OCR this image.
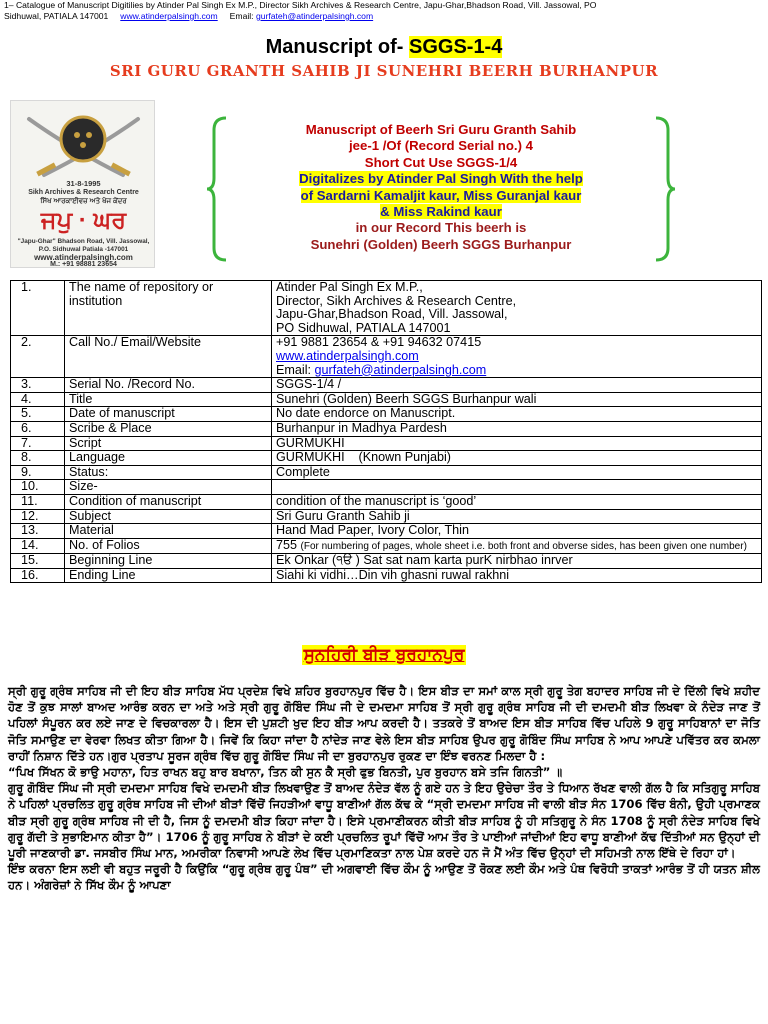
1– Catalogue of Manuscript Digitilies by Atinder Pal Singh Ex M.P., Director Sikh Archives & Research Centre, Japu-Ghar,Bhadson Road, Vill. Jassowal, PO
Sidhuwal, PATIALA 147001 www.atinderpalsingh.com Email: gurfateh@atinderpalsingh.com
Manuscript of- SGGS-1-4
SRI GURU GRANTH SAHIB JI SUNEHRI BEERH BURHANPUR
31-8-1995
Sikh Archives & Research Centre
ਸਿੱਖ ਆਰਕਾਈਵਜ਼ ਅਤੇ ਖੋਜ ਕੇਂਦਰ
ਜਪੁ · ਘਰ
"Japu-Ghar" Bhadson Road, Vill. Jassowal,
P.O. Sidhuwal Patiala -147001
www.atinderpalsingh.com
M.: +91 98881 23654
Manuscript of Beerh Sri Guru Granth Sahib
jee-1 /Of (Record Serial no.) 4
Short Cut Use SGGS-1/4
Digitalizes by Atinder Pal Singh With the help
of Sardarni Kamaljit kaur, Miss Guranjal kaur
& Miss Rakind kaur
in our Record This beerh is
Sunehri (Golden) Beerh SGGS Burhanpur
1.	The name of repository or institution	Atinder Pal Singh Ex M.P.,
Director, Sikh Archives & Research Centre,
Japu-Ghar,Bhadson Road, Vill. Jassowal,
PO Sidhuwal, PATIALA 147001

2.	Call No./ Email/Website	+91 9881 23654 & +91 94632 07415
www.atinderpalsingh.com
Email: gurfateh@atinderpalsingh.com

3.	Serial No. /Record No.	SGGS-1/4 /
4.	Title	Sunehri (Golden) Beerh SGGS Burhanpur wali
5.	Date of manuscript	No date endorce on Manuscript.
6.	Scribe & Place	Burhanpur in Madhya Pardesh
7.	Script	GURMUKHI
8.	Language	GURMUKHI    (Known Punjabi)
9.	Status:	Complete
10.	Size-	
11.	Condition of manuscript	condition of the manuscript is ‘good’
12.	Subject	Sri Guru Granth Sahib ji
13.	Material	Hand Mad Paper, Ivory Color, Thin
14.	No. of Folios	755 (For numbering of pages, whole sheet i.e. both front and obverse sides, has been given one number)
15.	Beginning Line	Ek Onkar (੧ੳ ) Sat sat nam karta purK nirbhao inrver
16.	Ending Line	Siahi ki vidhi…Din vih ghasni ruwal rakhni
ਸੁਨਹਿਰੀ ਬੀੜ ਬੁਰਹਾਨਪੁਰ

ਸ੍ਰੀ ਗੁਰੂ ਗ੍ਰੰਥ ਸਾਹਿਬ ਜੀ ਦੀ ਇਹ ਬੀੜ ਸਾਹਿਬ ਮੱਧ ਪ੍ਰਦੇਸ਼ ਵਿਖੇ ਸ਼ਹਿਰ ਬੁਰਹਾਨਪੁਰ ਵਿੱਚ ਹੈ। ਇਸ ਬੀੜ ਦਾ ਸਮਾਂ ਕਾਲ ਸ੍ਰੀ ਗੁਰੂ ਤੇਗ ਬਹਾਦਰ ਸਾਹਿਬ ਜੀ ਦੇ ਦਿੱਲੀ ਵਿਖੇ ਸ਼ਹੀਦ ਹੋਣ ਤੋਂ ਕੁਝ ਸਾਲਾਂ ਬਾਅਦ ਆਰੰਭ ਕਰਨ ਦਾ ਅਤੇ ਅਤੇ ਸ੍ਰੀ ਗੁਰੂ ਗੋਬਿੰਦ ਸਿੰਘ ਜੀ ਦੇ ਦਮਦਮਾ ਸਾਹਿਬ ਤੋਂ ਸ੍ਰੀ ਗੁਰੂ ਗ੍ਰੰਥ ਸਾਹਿਬ ਜੀ ਦੀ ਦਮਦਮੀ ਬੀੜ ਲਿਖਵਾ ਕੇ ਨੰਦੇੜ ਜਾਣ ਤੋਂ ਪਹਿਲਾਂ ਸੰਪੂਰਨ ਕਰ ਲਏ ਜਾਣ ਦੇ ਵਿਚਕਾਰਲਾ ਹੈ। ਇਸ ਦੀ ਪੁਸ਼ਟੀ ਖੁਦ ਇਹ ਬੀੜ ਆਪ ਕਰਦੀ ਹੈ। ਤਤਕਰੇ ਤੋਂ ਬਾਅਦ ਇਸ ਬੀੜ ਸਾਹਿਬ ਵਿੱਚ ਪਹਿਲੇ 9 ਗੁਰੂ ਸਾਹਿਬਾਨਾਂ ਦਾ ਜੋਤਿ ਜੋਤਿ ਸਮਾਉਣ ਦਾ ਵੇਰਵਾ ਲਿਖਤ ਕੀਤਾ ਗਿਆ ਹੈ। ਜਿਵੇਂ ਕਿ ਕਿਹਾ ਜਾਂਦਾ ਹੈ ਨਾਂਦੇੜ ਜਾਣ ਵੇਲੇ ਇਸ ਬੀੜ ਸਾਹਿਬ ਉਪਰ ਗੁਰੂ ਗੋਬਿੰਦ ਸਿੰਘ ਸਾਹਿਬ ਨੇ ਆਪ ਆਪਣੇ ਪਵਿੱਤਰ ਕਰ ਕਮਲਾ ਰਾਹੀਂ ਨਿਸ਼ਾਨ ਦਿੱਤੇ ਹਨ।ਗੁਰ ਪ੍ਰਤਾਪ ਸੂਰਜ ਗ੍ਰੰਥ ਵਿੱਚ ਗੁਰੂ ਗੋਬਿੰਦ ਸਿੰਘ ਜੀ ਦਾ ਬੁਰਹਾਨਪੁਰ ਰੁਕਣ ਦਾ ਇੰਝ ਵਰਨਣ ਮਿਲਦਾ ਹੈ :

“ਪਿਖ ਸਿੱਖਨ ਕੋ ਭਾਉ ਮਹਾਨਾ, ਹਿਤ ਰਾਖਨ ਬਹੁ ਬਾਰ ਬਖਾਨਾ, ਤਿਨ ਕੀ ਸੁਨ ਕੈ ਸ੍ਰੀ ਫੁਭ ਬਿਨਤੀ, ਪੁਰ ਬੁਰਹਾਨ ਬਸੇ ਤਜਿ ਗਿਨਤੀ” ॥

ਗੁਰੂ ਗੋਬਿੰਦ ਸਿੰਘ ਜੀ ਸ੍ਰੀ ਦਮਦਮਾ ਸਾਹਿਬ ਵਿਖੇ ਦਮਦਮੀ ਬੀੜ ਲਿਖਵਾਉਣ ਤੋਂ ਬਾਅਦ ਨੰਦੇੜ ਵੱਲ ਨੂੰ ਗਏ ਹਨ ਤੇ ਇਹ ਉਚੇਚਾ ਤੌਰ ਤੇ ਧਿਆਨ ਰੱਖਣ ਵਾਲੀ ਗੱਲ ਹੈ ਕਿ ਸਤਿਗੁਰੂ ਸਾਹਿਬ ਨੇ ਪਹਿਲਾਂ ਪ੍ਰਚਲਿਤ ਗੁਰੂ ਗ੍ਰੰਥ ਸਾਹਿਬ ਜੀ ਦੀਆਂ ਬੀੜਾਂ ਵਿੱਚੋਂ ਜਿਹੜੀਆਂ ਵਾਧੂ ਬਾਣੀਆਂ ਗੱਲ ਕੱਢ ਕੇ “ਸ੍ਰੀ ਦਮਦਮਾ ਸਾਹਿਬ ਜੀ ਵਾਲੀ ਬੀੜ ਸੰਨ 1706 ਵਿੱਚ ਬੰਨੀ, ਉਹੀ ਪ੍ਰਮਾਣਕ ਬੀੜ ਸ੍ਰੀ ਗੁਰੂ ਗ੍ਰੰਥ ਸਾਹਿਬ ਜੀ ਦੀ ਹੈ, ਜਿਸ ਨੂੰ ਦਮਦਮੀ ਬੀੜ ਕਿਹਾ ਜਾਂਦਾ ਹੈ। ਇਸੇ ਪ੍ਰਮਾਣੀਕਰਨ ਕੀਤੀ ਬੀੜ ਸਾਹਿਬ ਨੂੰ ਹੀ ਸਤਿਗੁਰੂ ਨੇ ਸੰਨ 1708 ਨੂੰ ਸ੍ਰੀ ਨੰਦੇੜ ਸਾਹਿਬ ਵਿਖੇ ਗੁਰੂ ਗੱਦੀ ਤੇ ਸੁਭਾਇਮਾਨ ਕੀਤਾ ਹੈ”। 1706 ਨੂੰ ਗੁਰੂ ਸਾਹਿਬ ਨੇ ਬੀੜਾਂ ਦੇ ਕਈ ਪ੍ਰਚਲਿਤ ਰੂਪਾਂ ਵਿੱਚੋਂ ਆਮ ਤੌਰ ਤੇ ਪਾਈਆਂ ਜਾਂਦੀਆਂ ਇਹ ਵਾਧੂ ਬਾਣੀਆਂ ਕੱਢ ਦਿੱਤੀਆਂ ਸਨ ਉਨ੍ਹਾਂ ਦੀ ਪੂਰੀ ਜਾਣਕਾਰੀ ਡਾ. ਜਸਬੀਰ ਸਿੰਘ ਮਾਨ, ਅਮਰੀਕਾ ਨਿਵਾਸੀ ਆਪਣੇ ਲੇਖ ਵਿੱਚ ਪ੍ਰਮਾਣਿਕਤਾ ਨਾਲ ਪੇਸ਼ ਕਰਦੇ ਹਨ ਜੋ ਮੈਂ ਅੰਤ ਵਿੱਚ ਉਨ੍ਹਾਂ ਦੀ ਸਹਿਮਤੀ ਨਾਲ ਇੱਥੇ ਦੇ ਰਿਹਾ ਹਾਂ।

ਇੰਝ ਕਰਨਾ ਇਸ ਲਈ ਵੀ ਬਹੁਤ ਜਰੂਰੀ ਹੈ ਕਿਉਂਕਿ “ਗੁਰੂ ਗ੍ਰੰਥ ਗੁਰੂ ਪੰਥ” ਦੀ ਅਗਵਾਈ ਵਿੱਚ ਕੌਮ ਨੂੰ ਆਉਣ ਤੋਂ ਰੋਕਣ ਲਈ ਕੌਮ ਅਤੇ ਪੰਥ ਵਿਰੋਧੀ ਤਾਕਤਾਂ ਆਰੰਭ ਤੋਂ ਹੀ ਯਤਨ ਸ਼ੀਲ ਹਨ। ਅੰਗਰੇਜ਼ਾਂ ਨੇ ਸਿੱਖ ਕੌਮ ਨੂੰ ਆਪਣਾ
